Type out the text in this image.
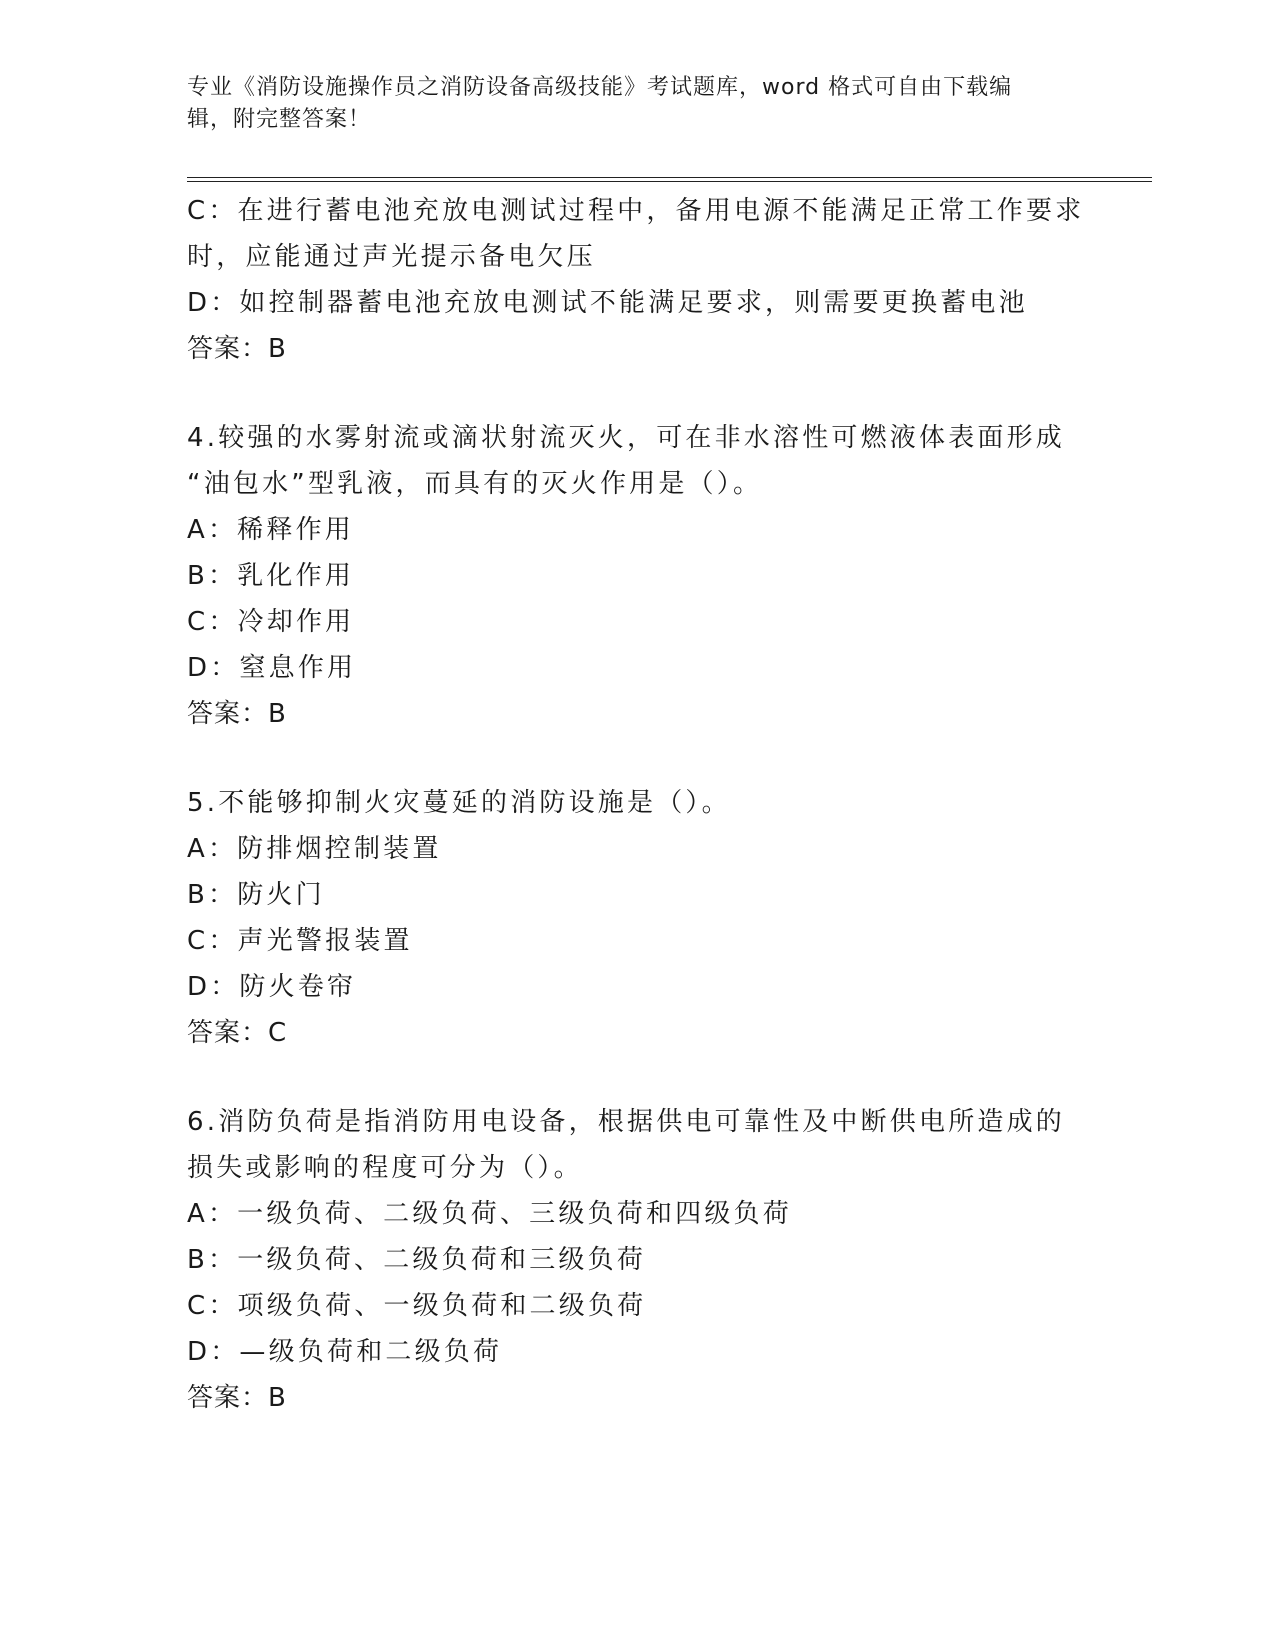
专业《消防设施操作员之消防设备高级技能》考试题库，word 格式可自由下载编
辑，附完整答案！
C：在进行蓄电池充放电测试过程中，备用电源不能满足正常工作要求
时，应能通过声光提示备电欠压
D：如控制器蓄电池充放电测试不能满足要求，则需要更换蓄电池
答案：B
4.较强的水雾射流或滴状射流灭火，可在非水溶性可燃液体表面形成
“油包水”型乳液，而具有的灭火作用是（）。
A：稀释作用
B：乳化作用
C：冷却作用
D：窒息作用
答案：B
5.不能够抑制火灾蔓延的消防设施是（）。
A：防排烟控制装置
B：防火门
C：声光警报装置
D：防火卷帘
答案：C
6.消防负荷是指消防用电设备，根据供电可靠性及中断供电所造成的
损失或影响的程度可分为（）。
A：一级负荷、二级负荷、三级负荷和四级负荷
B：一级负荷、二级负荷和三级负荷
C：项级负荷、一级负荷和二级负荷
D：—级负荷和二级负荷
答案：B
